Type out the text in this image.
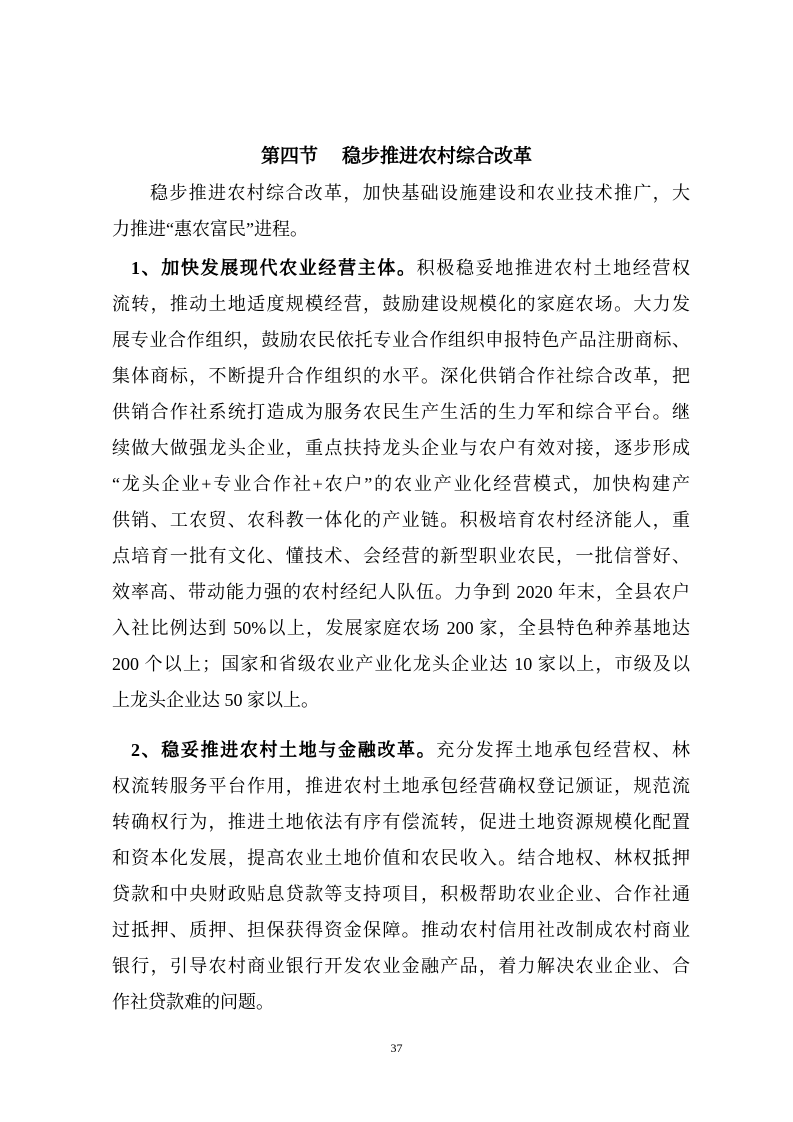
第四节 稳步推进农村综合改革
稳步推进农村综合改革，加快基础设施建设和农业技术推广，大
力推进“惠农富民”进程。
1、加快发展现代农业经营主体。积极稳妥地推进农村土地经营权
流转，推动土地适度规模经营，鼓励建设规模化的家庭农场。大力发
展专业合作组织，鼓励农民依托专业合作组织申报特色产品注册商标、
集体商标，不断提升合作组织的水平。深化供销合作社综合改革，把
供销合作社系统打造成为服务农民生产生活的生力军和综合平台。继
续做大做强龙头企业，重点扶持龙头企业与农户有效对接，逐步形成
“龙头企业+专业合作社+农户”的农业产业化经营模式，加快构建产
供销、工农贸、农科教一体化的产业链。积极培育农村经济能人，重
点培育一批有文化、懂技术、会经营的新型职业农民，一批信誉好、
效率高、带动能力强的农村经纪人队伍。力争到 2020 年末，全县农户
入社比例达到 50%以上，发展家庭农场 200 家，全县特色种养基地达
200 个以上；国家和省级农业产业化龙头企业达 10 家以上，市级及以
上龙头企业达 50 家以上。
2、稳妥推进农村土地与金融改革。充分发挥土地承包经营权、林
权流转服务平台作用，推进农村土地承包经营确权登记颁证，规范流
转确权行为，推进土地依法有序有偿流转，促进土地资源规模化配置
和资本化发展，提高农业土地价值和农民收入。结合地权、林权抵押
贷款和中央财政贴息贷款等支持项目，积极帮助农业企业、合作社通
过抵押、质押、担保获得资金保障。推动农村信用社改制成农村商业
银行，引导农村商业银行开发农业金融产品，着力解决农业企业、合
作社贷款难的问题。
37
